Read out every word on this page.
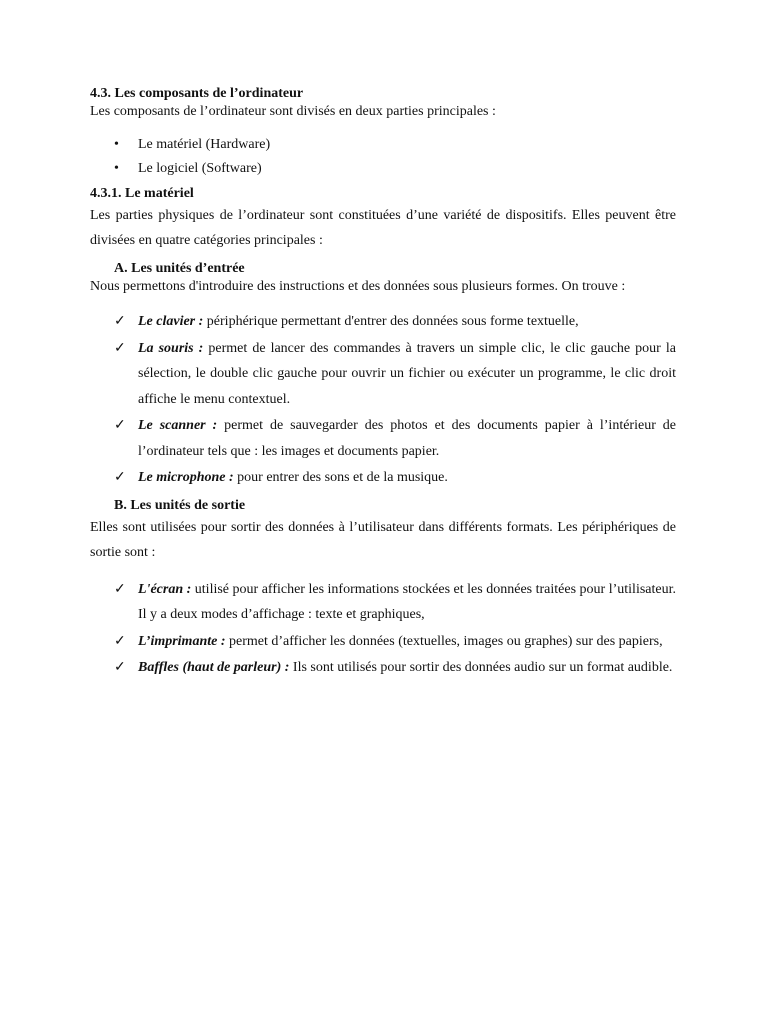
4.3. Les composants de l’ordinateur

Les composants de l’ordinateur sont divisés en deux parties principales :

• Le matériel (Hardware)
• Le logiciel (Software)

4.3.1. Le matériel

Les parties physiques de l’ordinateur sont constituées d’une variété de dispositifs. Elles peuvent être divisées en quatre catégories principales :

A. Les unités d’entrée

Nous permettons d'introduire des instructions et des données sous plusieurs formes. On trouve :

✓ Le clavier : périphérique permettant d'entrer des données sous forme textuelle,
✓ La souris : permet de lancer des commandes à travers un simple clic, le clic gauche pour la sélection, le double clic gauche pour ouvrir un fichier ou exécuter un programme, le clic droit affiche le menu contextuel.
✓ Le scanner : permet de sauvegarder des photos et des documents papier à l’intérieur de l’ordinateur tels que : les images et documents papier.
✓ Le microphone : pour entrer des sons et de la musique.

B. Les unités de sortie

Elles sont utilisées pour sortir des données à l’utilisateur dans différents formats. Les périphériques de sortie sont :

✓ L'écran : utilisé pour afficher les informations stockées et les données traitées pour l’utilisateur. Il y a deux modes d’affichage : texte et graphiques,
✓ L’imprimante : permet d’afficher les données (textuelles, images ou graphes) sur des papiers,
✓ Baffles (haut de parleur) : Ils sont utilisés pour sortir des données audio sur un format audible.
